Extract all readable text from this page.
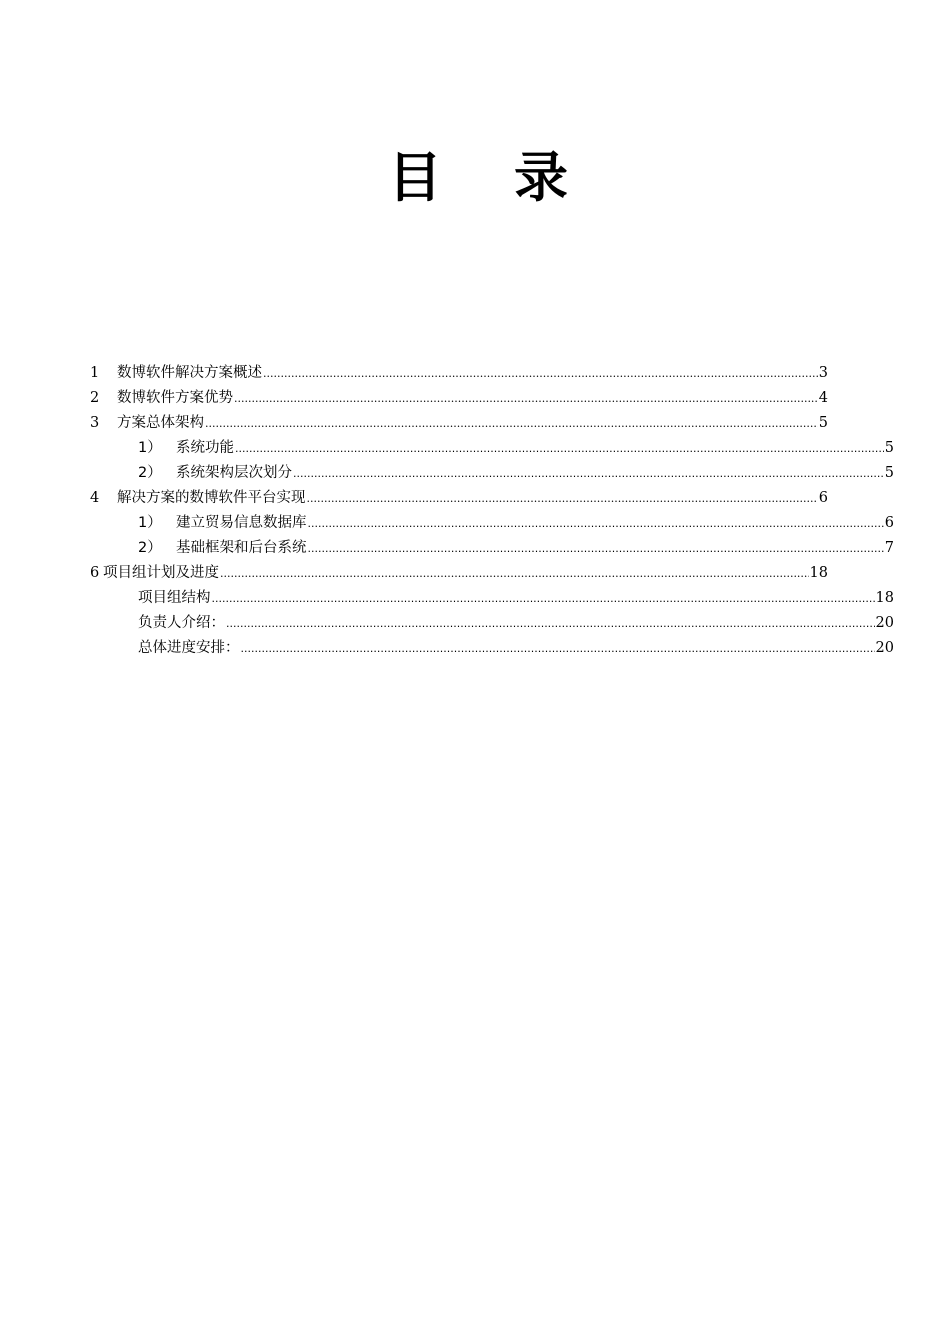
目 录
1	数博软件解决方案概述 .....	3
2	数博软件方案优势 .....	4
3	方案总体架构 .....	5
1） 系统功能 .....	5
2） 系统架构层次划分 .....	5
4	解决方案的数博软件平台实现 .....	6
1） 建立贸易信息数据库 .....	6
2） 基础框架和后台系统 .....	7
6 项目组计划及进度 .....	18
项目组结构 .....	18
负责人介绍： .....	20
总体进度安排： .....	20
